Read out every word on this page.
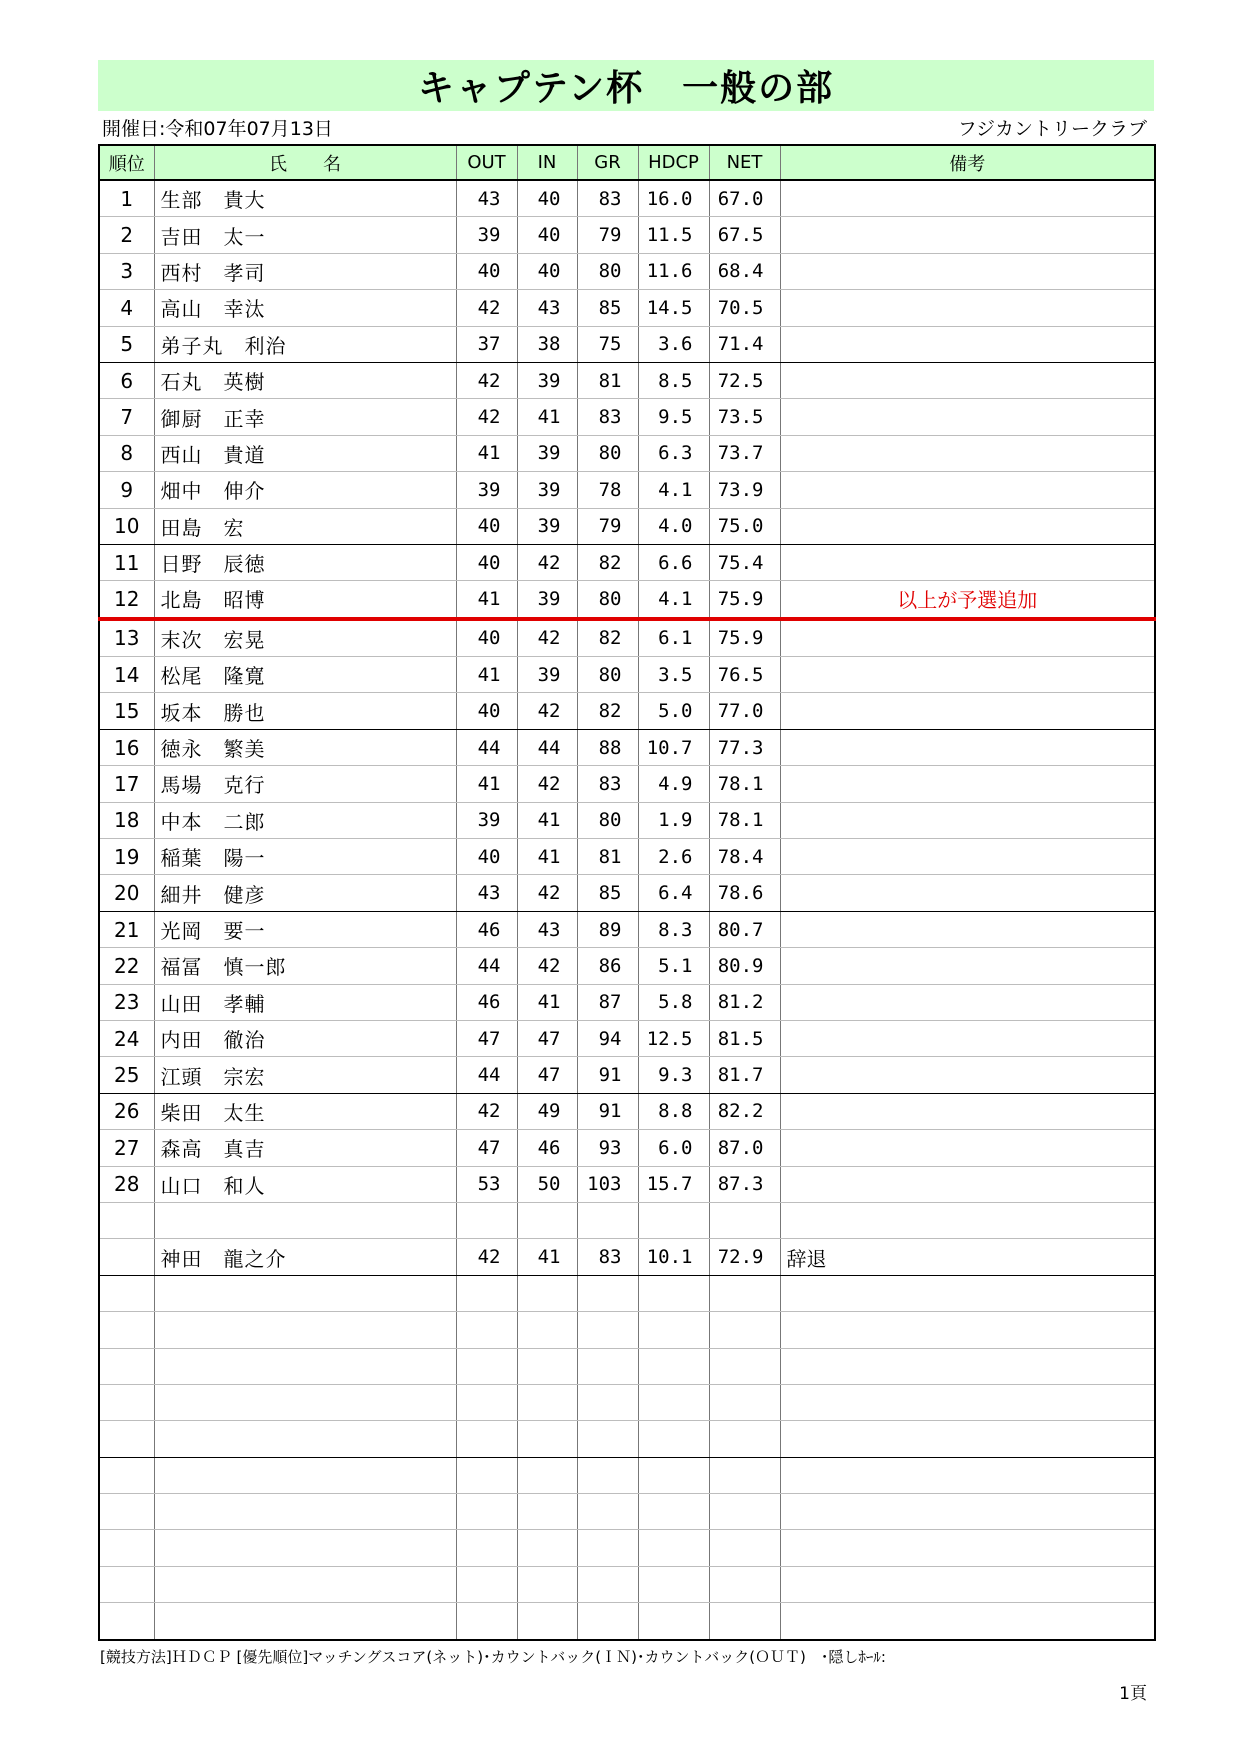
キャプテン杯　一般の部
開催日:令和07年07月13日	フジカントリークラブ
順位	氏　　名	OUT	IN	GR	HDCP	NET	備考
1	生部　貴大	43	40	83	16.0	67.0	
2	吉田　太一	39	40	79	11.5	67.5	
3	西村　孝司	40	40	80	11.6	68.4	
4	高山　幸汰	42	43	85	14.5	70.5	
5	弟子丸　利治	37	38	75	3.6	71.4	
6	石丸　英樹	42	39	81	8.5	72.5	
7	御厨　正幸	42	41	83	9.5	73.5	
8	西山　貴道	41	39	80	6.3	73.7	
9	畑中　伸介	39	39	78	4.1	73.9	
10	田島　宏	40	39	79	4.0	75.0	
11	日野　辰徳	40	42	82	6.6	75.4	
12	北島　昭博	41	39	80	4.1	75.9	以上が予選追加
13	末次　宏晃	40	42	82	6.1	75.9	
14	松尾　隆寛	41	39	80	3.5	76.5	
15	坂本　勝也	40	42	82	5.0	77.0	
16	徳永　繁美	44	44	88	10.7	77.3	
17	馬場　克行	41	42	83	4.9	78.1	
18	中本　二郎	39	41	80	1.9	78.1	
19	稲葉　陽一	40	41	81	2.6	78.4	
20	細井　健彦	43	42	85	6.4	78.6	
21	光岡　要一	46	43	89	8.3	80.7	
22	福冨　慎一郎	44	42	86	5.1	80.9	
23	山田　孝輔	46	41	87	5.8	81.2	
24	内田　徹治	47	47	94	12.5	81.5	
25	江頭　宗宏	44	47	91	9.3	81.7	
26	柴田　太生	42	49	91	8.8	82.2	
27	森高　真吉	47	46	93	6.0	87.0	
28	山口　和人	53	50	103	15.7	87.3	

	神田　龍之介	42	41	83	10.1	72.9	辞退

[競技方法]ＨＤＣＰ [優先順位]マッチングスコア(ネット)･カウントバック(ＩＮ)･カウントバック(ＯＵＴ)　･隠しﾎｰﾙ:
1頁
